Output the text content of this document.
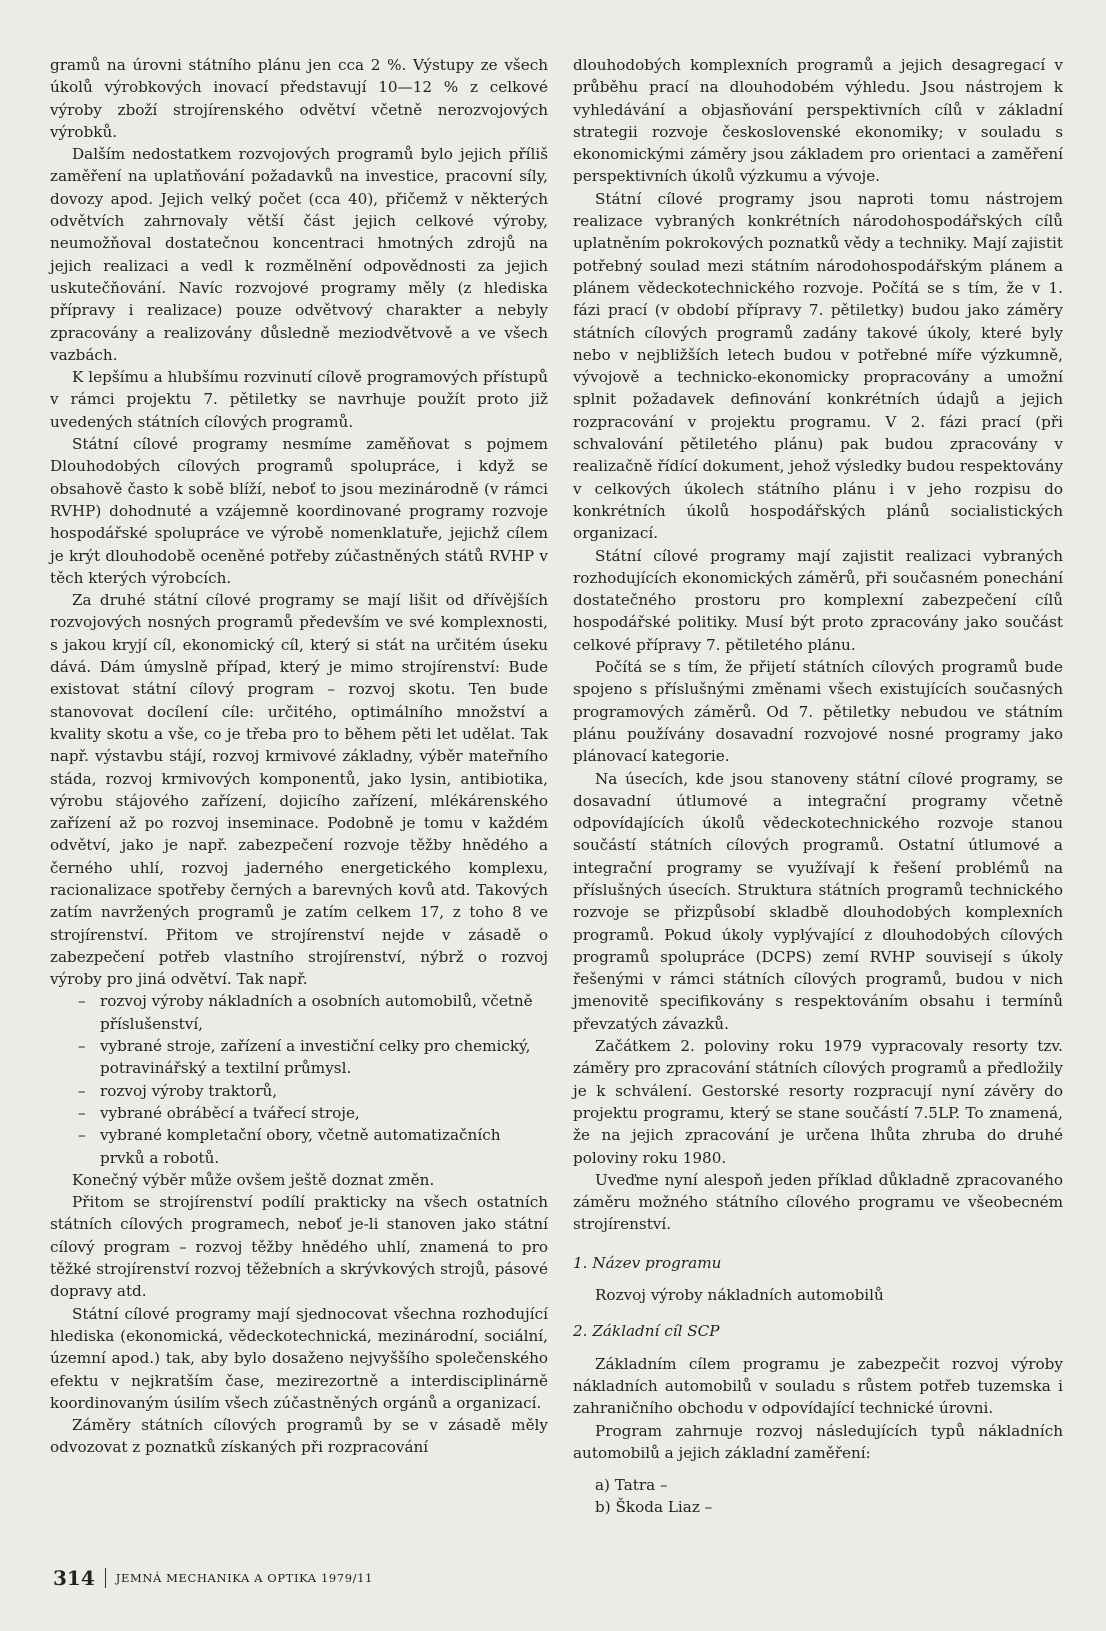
gramů na úrovni státního plánu jen cca 2 %. Výstupy ze všech úkolů výrobkových inovací představují 10—12 % z celkové výroby zboží strojírenského odvětví včetně nerozvojových výrobků.

Dalším nedostatkem rozvojových programů bylo jejich příliš zaměření na uplatňování požadavků na investice, pracovní síly, dovozy apod. Jejich velký počet (cca 40), přičemž v některých odvětvích zahrnovaly větší část jejich celkové výroby, neumožňoval dostatečnou koncentraci hmotných zdrojů na jejich realizaci a vedl k rozmělnění odpovědnosti za jejich uskutečňování. Navíc rozvojové programy měly (z hlediska přípravy i realizace) pouze odvětvový charakter a nebyly zpracovány a realizovány důsledně meziodvětvově a ve všech vazbách.

K lepšímu a hlubšímu rozvinutí cílově programových přístupů v rámci projektu 7. pětiletky se navrhuje použít proto již uvedených státních cílových programů.

Státní cílové programy nesmíme zaměňovat s pojmem Dlouhodobých cílových programů spolupráce, i když se obsahově často k sobě blíží, neboť to jsou mezinárodně (v rámci RVHP) dohodnuté a vzájemně koordinované programy rozvoje hospodářské spolupráce ve výrobě nomenklatuře, jejichž cílem je krýt dlouhodobě oceněné potřeby zúčastněných států RVHP v těch kterých výrobcích.

Za druhé státní cílové programy se mají lišit od dřívějších rozvojových nosných programů především ve své komplexnosti, s jakou kryjí cíl, ekonomický cíl, který si stát na určitém úseku dává. Dám úmyslně případ, který je mimo strojírenství: Bude existovat státní cílový program – rozvoj skotu. Ten bude stanovovat docílení cíle: určitého, optimálního množství a kvality skotu a vše, co je třeba pro to během pěti let udělat. Tak např. výstavbu stájí, rozvoj krmivové základny, výběr mateřního stáda, rozvoj krmivových komponentů, jako lysin, antibiotika, výrobu stájového zařízení, dojicího zařízení, mlékárenského zařízení až po rozvoj inseminace. Podobně je tomu v každém odvětví, jako je např. zabezpečení rozvoje těžby hnědého a černého uhlí, rozvoj jaderného energetického komplexu, racionalizace spotřeby černých a barevných kovů atd. Takových zatím navržených programů je zatím celkem 17, z toho 8 ve strojírenství. Přitom ve strojírenství nejde v zásadě o zabezpečení potřeb vlastního strojírenství, nýbrž o rozvoj výroby pro jiná odvětví. Tak např.

– rozvoj výroby nákladních a osobních automobilů, včetně příslušenství,
– vybrané stroje, zařízení a investiční celky pro chemický, potravinářský a textilní průmysl.
– rozvoj výroby traktorů,
– vybrané obráběcí a tvářecí stroje,
– vybrané kompletační obory, včetně automatizačních prvků a robotů.

Konečný výběr může ovšem ještě doznat změn.

Přitom se strojírenství podílí prakticky na všech ostatních státních cílových programech, neboť je-li stanoven jako státní cílový program – rozvoj těžby hnědého uhlí, znamená to pro těžké strojírenství rozvoj těžebních a skrývkových strojů, pásové dopravy atd.

Státní cílové programy mají sjednocovat všechna rozhodující hlediska (ekonomická, vědeckotechnická, mezinárodní, sociální, územní apod.) tak, aby bylo dosaženo nejvyššího společenského efektu v nejkratším čase, mezirezortně a interdisciplinárně koordinovaným úsilím všech zúčastněných orgánů a organizací.

Záměry státních cílových programů by se v zásadě měly odvozovat z poznatků získaných při rozpracování

dlouhodobých komplexních programů a jejich desagregací v průběhu prací na dlouhodobém výhledu. Jsou nástrojem k vyhledávání a objasňování perspektivních cílů v základní strategii rozvoje československé ekonomiky; v souladu s ekonomickými záměry jsou základem pro orientaci a zaměření perspektivních úkolů výzkumu a vývoje.

Státní cílové programy jsou naproti tomu nástrojem realizace vybraných konkrétních národohospodářských cílů uplatněním pokrokových poznatků vědy a techniky. Mají zajistit potřebný soulad mezi státním národohospodářským plánem a plánem vědeckotechnického rozvoje. Počítá se s tím, že v 1. fázi prací (v období přípravy 7. pětiletky) budou jako záměry státních cílových programů zadány takové úkoly, které byly nebo v nejbližších letech budou v potřebné míře výzkumně, vývojově a technicko-ekonomicky propracovány a umožní splnit požadavek definování konkrétních údajů a jejich rozpracování v projektu programu. V 2. fázi prací (při schvalování pětiletého plánu) pak budou zpracovány v realizačně řídící dokument, jehož výsledky budou respektovány v celkových úkolech státního plánu i v jeho rozpisu do konkrétních úkolů hospodářských plánů socialistických organizací.

Státní cílové programy mají zajistit realizaci vybraných rozhodujících ekonomických záměrů, při současném ponechání dostatečného prostoru pro komplexní zabezpečení cílů hospodářské politiky. Musí být proto zpracovány jako součást celkové přípravy 7. pětiletého plánu.

Počítá se s tím, že přijetí státních cílových programů bude spojeno s příslušnými změnami všech existujících současných programových záměrů. Od 7. pětiletky nebudou ve státním plánu používány dosavadní rozvojové nosné programy jako plánovací kategorie.

Na úsecích, kde jsou stanoveny státní cílové programy, se dosavadní útlumové a integrační programy včetně odpovídajících úkolů vědeckotechnického rozvoje stanou součástí státních cílových programů. Ostatní útlumové a integrační programy se využívají k řešení problémů na příslušných úsecích. Struktura státních programů technického rozvoje se přizpůsobí skladbě dlouhodobých komplexních programů. Pokud úkoly vyplývající z dlouhodobých cílových programů spolupráce (DCPS) zemí RVHP souvisejí s úkoly řešenými v rámci státních cílových programů, budou v nich jmenovitě specifikovány s respektováním obsahu i termínů převzatých závazků.

Začátkem 2. poloviny roku 1979 vypracovaly resorty tzv. záměry pro zpracování státních cílových programů a předložily je k schválení. Gestorské resorty rozpracují nyní závěry do projektu programu, který se stane součástí 7.5LP. To znamená, že na jejich zpracování je určena lhůta zhruba do druhé poloviny roku 1980.

Uveďme nyní alespoň jeden příklad důkladně zpracovaného záměru možného státního cílového programu ve všeobecném strojírenství.

1. Název programu
Rozvoj výroby nákladních automobilů
2. Základní cíl SCP

Základním cílem programu je zabezpečit rozvoj výroby nákladních automobilů v souladu s růstem potřeb tuzemska i zahraničního obchodu v odpovídající technické úrovni.

Program zahrnuje rozvoj následujících typů nákladních automobilů a jejich základní zaměření:

a) Tatra –
b) Škoda Liaz –
314 JEMNÁ MECHANIKA A OPTIKA 1979/11
